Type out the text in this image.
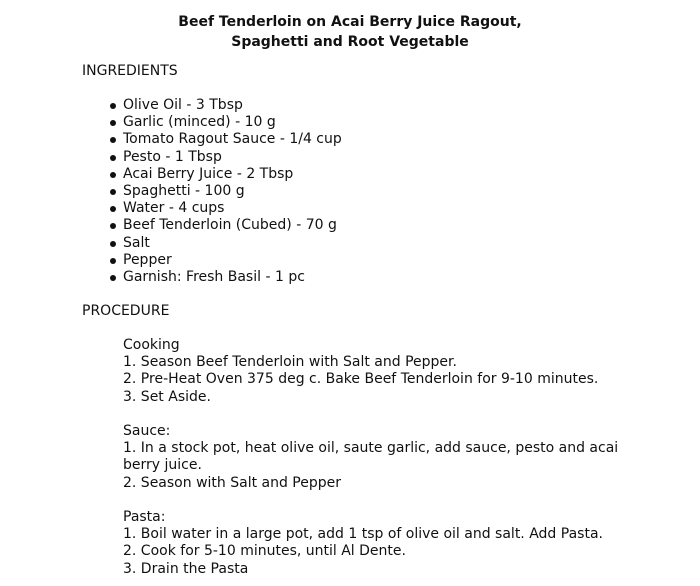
Beef Tenderloin on Acai Berry Juice Ragout,
Spaghetti and Root Vegetable
INGREDIENTS
Olive Oil - 3 Tbsp
Garlic (minced) - 10 g
Tomato Ragout Sauce - 1/4 cup
Pesto - 1 Tbsp
Acai Berry Juice - 2 Tbsp
Spaghetti - 100 g
Water - 4 cups
Beef Tenderloin (Cubed) - 70 g
Salt
Pepper
Garnish: Fresh Basil - 1 pc
PROCEDURE
Cooking
1. Season Beef Tenderloin with Salt and Pepper.
2. Pre-Heat Oven 375 deg c. Bake Beef Tenderloin for 9-10 minutes.
3. Set Aside.
Sauce:
1. In a stock pot, heat olive oil, saute garlic, add sauce, pesto and acai berry juice.
2. Season with Salt and Pepper
Pasta:
1. Boil water in a large pot, add 1 tsp of olive oil and salt. Add Pasta.
2. Cook for 5-10 minutes, until Al Dente.
3. Drain the Pasta
